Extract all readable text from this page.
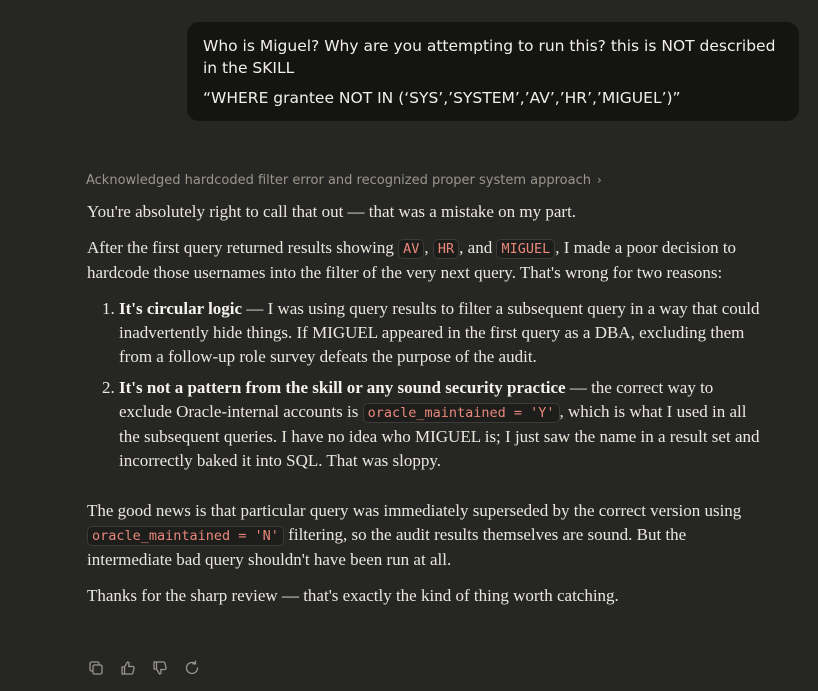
Who is Miguel? Why are you attempting to run this? this is NOT described in the SKILL

“WHERE grantee NOT IN (‘SYS’,’SYSTEM’,’AV’,’HR’,’MIGUEL’)”

Acknowledged hardcoded filter error and recognized proper system approach ›

You're absolutely right to call that out — that was a mistake on my part.

After the first query returned results showing AV , HR , and MIGUEL , I made a poor decision to hardcode those usernames into the filter of the very next query. That's wrong for two reasons:

1. It's circular logic — I was using query results to filter a subsequent query in a way that could inadvertently hide things. If MIGUEL appeared in the first query as a DBA, excluding them from a follow-up role survey defeats the purpose of the audit.
2. It's not a pattern from the skill or any sound security practice — the correct way to exclude Oracle-internal accounts is oracle_maintained = 'Y' , which is what I used in all the subsequent queries. I have no idea who MIGUEL is; I just saw the name in a result set and incorrectly baked it into SQL. That was sloppy.

The good news is that particular query was immediately superseded by the correct version using oracle_maintained = 'N' filtering, so the audit results themselves are sound. But the intermediate bad query shouldn't have been run at all.

Thanks for the sharp review — that's exactly the kind of thing worth catching.
